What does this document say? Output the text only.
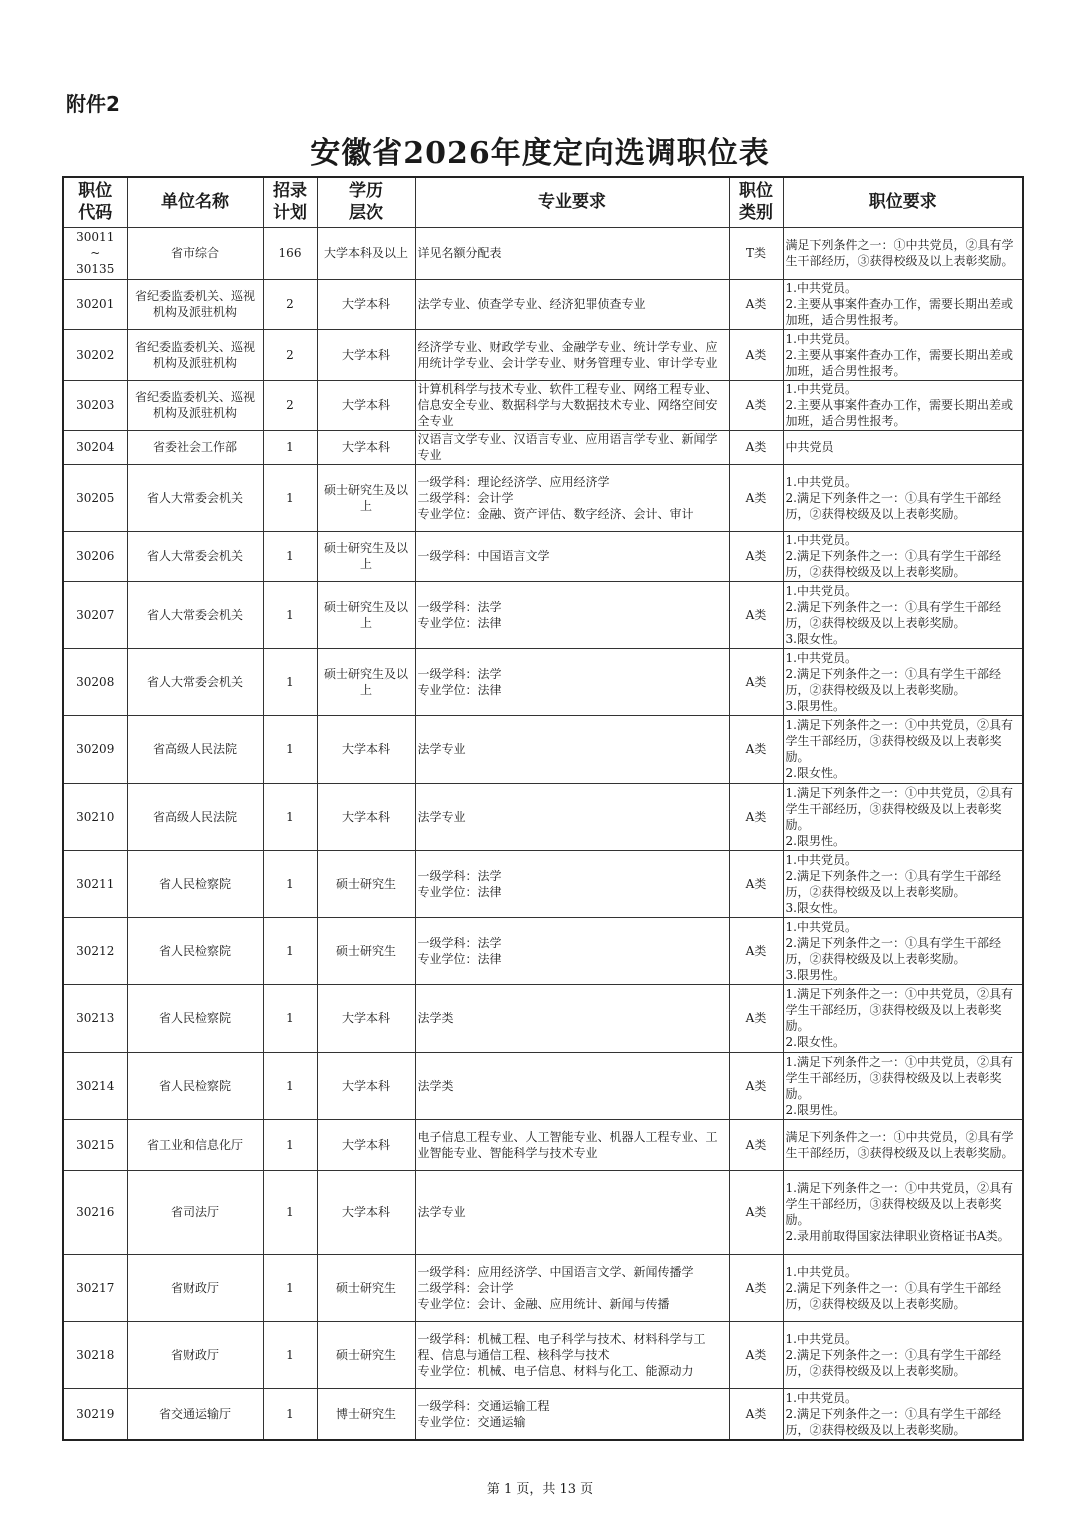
附件2
安徽省2026年度定向选调职位表
职位
代码	单位名称	招录
计划	学历
层次	专业要求	职位
类别	职位要求
30011
~
30135	省市综合	166	大学本科及以上	详见名额分配表	T类	满足下列条件之一：①中共党员，②具有学生干部经历，③获得校级及以上表彰奖励。
30201	省纪委监委机关、巡视机构及派驻机构	2	大学本科	法学专业、侦查学专业、经济犯罪侦查专业	A类	1.中共党员。
2.主要从事案件查办工作，需要长期出差或加班，适合男性报考。
30202	省纪委监委机关、巡视机构及派驻机构	2	大学本科	经济学专业、财政学专业、金融学专业、统计学专业、应用统计学专业、会计学专业、财务管理专业、审计学专业	A类	1.中共党员。
2.主要从事案件查办工作，需要长期出差或加班，适合男性报考。
30203	省纪委监委机关、巡视机构及派驻机构	2	大学本科	计算机科学与技术专业、软件工程专业、网络工程专业、信息安全专业、数据科学与大数据技术专业、网络空间安全专业	A类	1.中共党员。
2.主要从事案件查办工作，需要长期出差或加班，适合男性报考。
30204	省委社会工作部	1	大学本科	汉语言文学专业、汉语言专业、应用语言学专业、新闻学专业	A类	中共党员
30205	省人大常委会机关	1	硕士研究生及以上	一级学科：理论经济学、应用经济学
二级学科：会计学
专业学位：金融、资产评估、数字经济、会计、审计	A类	1.中共党员。
2.满足下列条件之一：①具有学生干部经历，②获得校级及以上表彰奖励。
30206	省人大常委会机关	1	硕士研究生及以上	一级学科：中国语言文学	A类	1.中共党员。
2.满足下列条件之一：①具有学生干部经历，②获得校级及以上表彰奖励。
30207	省人大常委会机关	1	硕士研究生及以上	一级学科：法学
专业学位：法律	A类	1.中共党员。
2.满足下列条件之一：①具有学生干部经历，②获得校级及以上表彰奖励。
3.限女性。
30208	省人大常委会机关	1	硕士研究生及以上	一级学科：法学
专业学位：法律	A类	1.中共党员。
2.满足下列条件之一：①具有学生干部经历，②获得校级及以上表彰奖励。
3.限男性。
30209	省高级人民法院	1	大学本科	法学专业	A类	1.满足下列条件之一：①中共党员，②具有学生干部经历，③获得校级及以上表彰奖励。
2.限女性。
30210	省高级人民法院	1	大学本科	法学专业	A类	1.满足下列条件之一：①中共党员，②具有学生干部经历，③获得校级及以上表彰奖励。
2.限男性。
30211	省人民检察院	1	硕士研究生	一级学科：法学
专业学位：法律	A类	1.中共党员。
2.满足下列条件之一：①具有学生干部经历，②获得校级及以上表彰奖励。
3.限女性。
30212	省人民检察院	1	硕士研究生	一级学科：法学
专业学位：法律	A类	1.中共党员。
2.满足下列条件之一：①具有学生干部经历，②获得校级及以上表彰奖励。
3.限男性。
30213	省人民检察院	1	大学本科	法学类	A类	1.满足下列条件之一：①中共党员，②具有学生干部经历，③获得校级及以上表彰奖励。
2.限女性。
30214	省人民检察院	1	大学本科	法学类	A类	1.满足下列条件之一：①中共党员，②具有学生干部经历，③获得校级及以上表彰奖励。
2.限男性。
30215	省工业和信息化厅	1	大学本科	电子信息工程专业、人工智能专业、机器人工程专业、工业智能专业、智能科学与技术专业	A类	满足下列条件之一：①中共党员，②具有学生干部经历，③获得校级及以上表彰奖励。
30216	省司法厅	1	大学本科	法学专业	A类	1.满足下列条件之一：①中共党员，②具有学生干部经历，③获得校级及以上表彰奖励。
2.录用前取得国家法律职业资格证书A类。
30217	省财政厅	1	硕士研究生	一级学科：应用经济学、中国语言文学、新闻传播学
二级学科：会计学
专业学位：会计、金融、应用统计、新闻与传播	A类	1.中共党员。
2.满足下列条件之一：①具有学生干部经历，②获得校级及以上表彰奖励。
30218	省财政厅	1	硕士研究生	一级学科：机械工程、电子科学与技术、材料科学与工程、信息与通信工程、核科学与技术
专业学位：机械、电子信息、材料与化工、能源动力	A类	1.中共党员。
2.满足下列条件之一：①具有学生干部经历，②获得校级及以上表彰奖励。
30219	省交通运输厅	1	博士研究生	一级学科：交通运输工程
专业学位：交通运输	A类	1.中共党员。
2.满足下列条件之一：①具有学生干部经历，②获得校级及以上表彰奖励。
第 1 页，共 13 页
